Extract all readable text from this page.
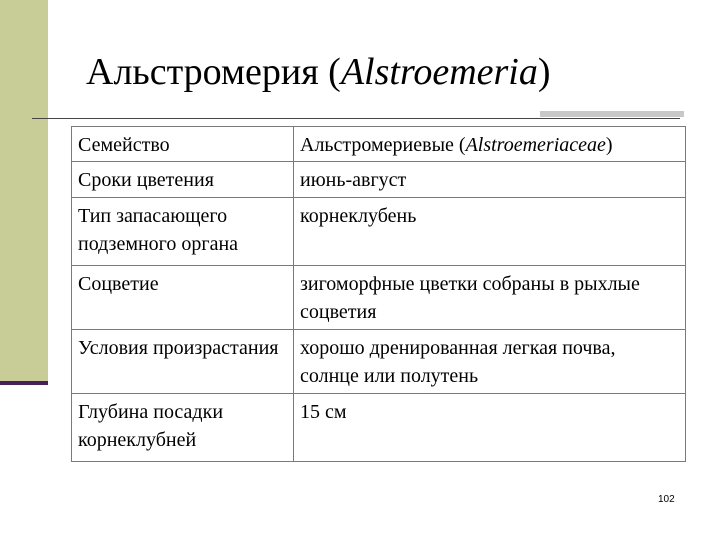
Альстромерия (Alstroemeria)
Семейство	Альстромериевые (Alstroemeriaceae)
Сроки цветения	июнь-август
Тип запасающего подземного органа	корнеклубень
Соцветие	зигоморфные цветки собраны в рыхлые соцветия
Условия произрастания	хорошо дренированная легкая почва, солнце или полутень
Глубина посадки корнеклубней	15 см
102
